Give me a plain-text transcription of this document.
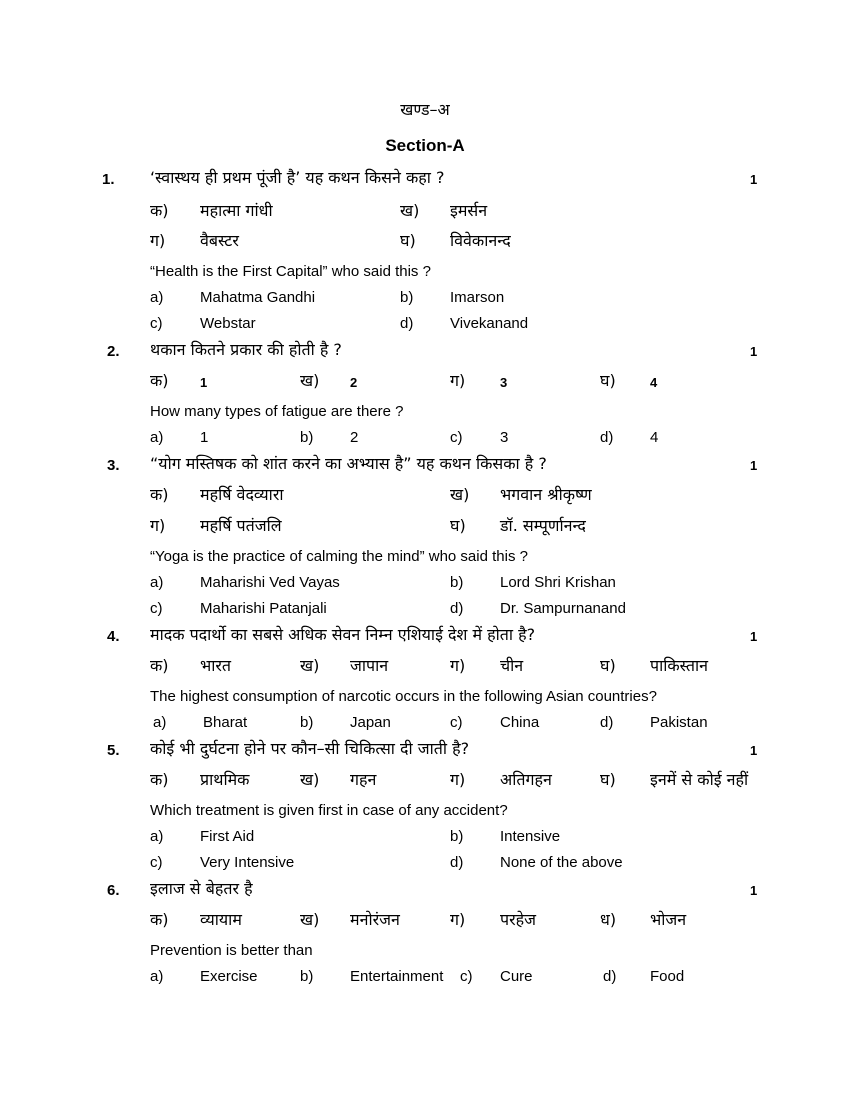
खण्ड–अ
Section-A
1. ‘स्वास्थय ही प्रथम पूंजी है’ यह कथन किसने कहा ?	1
क) महात्मा गांधी	ख) इमर्सन
ग) वैबस्टर	घ) विवेकानन्द
“Health is the First Capital” who said this ?
a) Mahatma Gandhi	b) Imarson
c)	Webstar	d) Vivekanand
2. थकान कितने प्रकार की होती है ?	1
क) 1	ख) 2	ग)	3	घ)	4
How many types of fatigue are there ?
a) 1	b) 2	c)	3	d) 4
3. “योग मस्तिषक को शांत करने का अभ्यास है” यह कथन किसका है ?	1
क) महर्षि वेदव्यारा	ख) भगवान श्रीकृष्ण
ग) महर्षि पतंजलि	घ) डॉ. सम्पूर्णानन्द
“Yoga is the practice of calming the mind” who said this ?
a) Maharishi Ved Vayas	b) Lord Shri Krishan
c)	Maharishi Patanjali	d) Dr. Sampurnanand
4. मादक पदार्थो का सबसे अधिक सेवन निम्न एशियाई देश में होता है?	1
क) भारत	ख) जापान	ग) चीन	घ) पाकिस्तान
The highest consumption of narcotic occurs in the following Asian countries?
a) Bharat	b) Japan	c)	China	d) Pakistan
5. कोई भी दुर्घटना होने पर कौन–सी चिकित्सा दी जाती है?	1
क) प्राथमिक	ख) गहन	ग) अतिगहन	घ) इनमें से कोई नहीं
Which treatment is given first in case of any accident?
a) First Aid	b) Intensive
c)	Very Intensive	d) None of the above
6. इलाज से बेहतर है	1
क) व्यायाम	ख) मनोरंजन	ग) परहेज	ध) भोजन
Prevention is better than
a) Exercise	b) Entertainment c) Cure	d) Food
